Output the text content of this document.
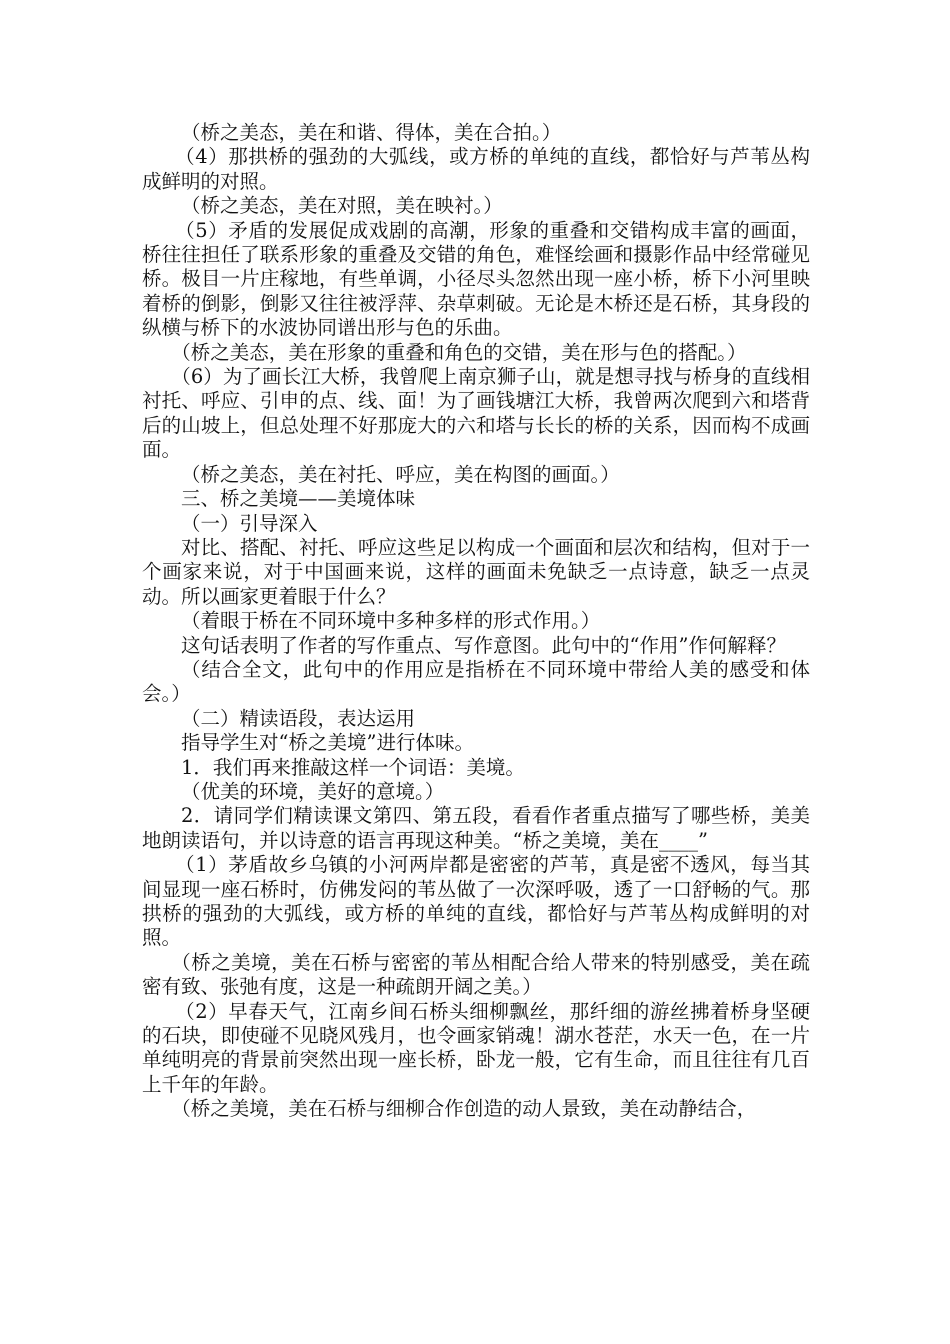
（桥之美态，美在和谐、得体，美在合拍。）

（4）那拱桥的强劲的大弧线，或方桥的单纯的直线，都恰好与芦苇丛构成鲜明的对照。

（桥之美态，美在对照，美在映衬。）

（5）矛盾的发展促成戏剧的高潮，形象的重叠和交错构成丰富的画面，桥往往担任了联系形象的重叠及交错的角色，难怪绘画和摄影作品中经常碰见桥。极目一片庄稼地，有些单调，小径尽头忽然出现一座小桥，桥下小河里映着桥的倒影，倒影又往往被浮萍、杂草刺破。无论是木桥还是石桥，其身段的纵横与桥下的水波协同谱出形与色的乐曲。

（桥之美态，美在形象的重叠和角色的交错，美在形与色的搭配。）

（6）为了画长江大桥，我曾爬上南京狮子山，就是想寻找与桥身的直线相衬托、呼应、引申的点、线、面！为了画钱塘江大桥，我曾两次爬到六和塔背后的山坡上，但总处理不好那庞大的六和塔与长长的桥的关系，因而构不成画面。

（桥之美态，美在衬托、呼应，美在构图的画面。）

三、桥之美境——美境体味

（一）引导深入

对比、搭配、衬托、呼应这些足以构成一个画面和层次和结构，但对于一个画家来说，对于中国画来说，这样的画面未免缺乏一点诗意，缺乏一点灵动。所以画家更着眼于什么？

（着眼于桥在不同环境中多种多样的形式作用。）

这句话表明了作者的写作重点、写作意图。此句中的“作用”作何解释？

（结合全文，此句中的作用应是指桥在不同环境中带给人美的感受和体会。）

（二）精读语段，表达运用

指导学生对“桥之美境”进行体味。

1．我们再来推敲这样一个词语：美境。

（优美的环境，美好的意境。）

2．请同学们精读课文第四、第五段，看看作者重点描写了哪些桥，美美地朗读语句，并以诗意的语言再现这种美。“桥之美境，美在____”

（1）茅盾故乡乌镇的小河两岸都是密密的芦苇，真是密不透风，每当其间显现一座石桥时，仿佛发闷的苇丛做了一次深呼吸，透了一口舒畅的气。那拱桥的强劲的大弧线，或方桥的单纯的直线，都恰好与芦苇丛构成鲜明的对照。

（桥之美境，美在石桥与密密的苇丛相配合给人带来的特别感受，美在疏密有致、张弛有度，这是一种疏朗开阔之美。）

（2）早春天气，江南乡间石桥头细柳飘丝，那纤细的游丝拂着桥身坚硬的石块，即使碰不见晓风残月，也令画家销魂！湖水苍茫，水天一色，在一片单纯明亮的背景前突然出现一座长桥，卧龙一般，它有生命，而且往往有几百上千年的年龄。

（桥之美境，美在石桥与细柳合作创造的动人景致，美在动静结合，
